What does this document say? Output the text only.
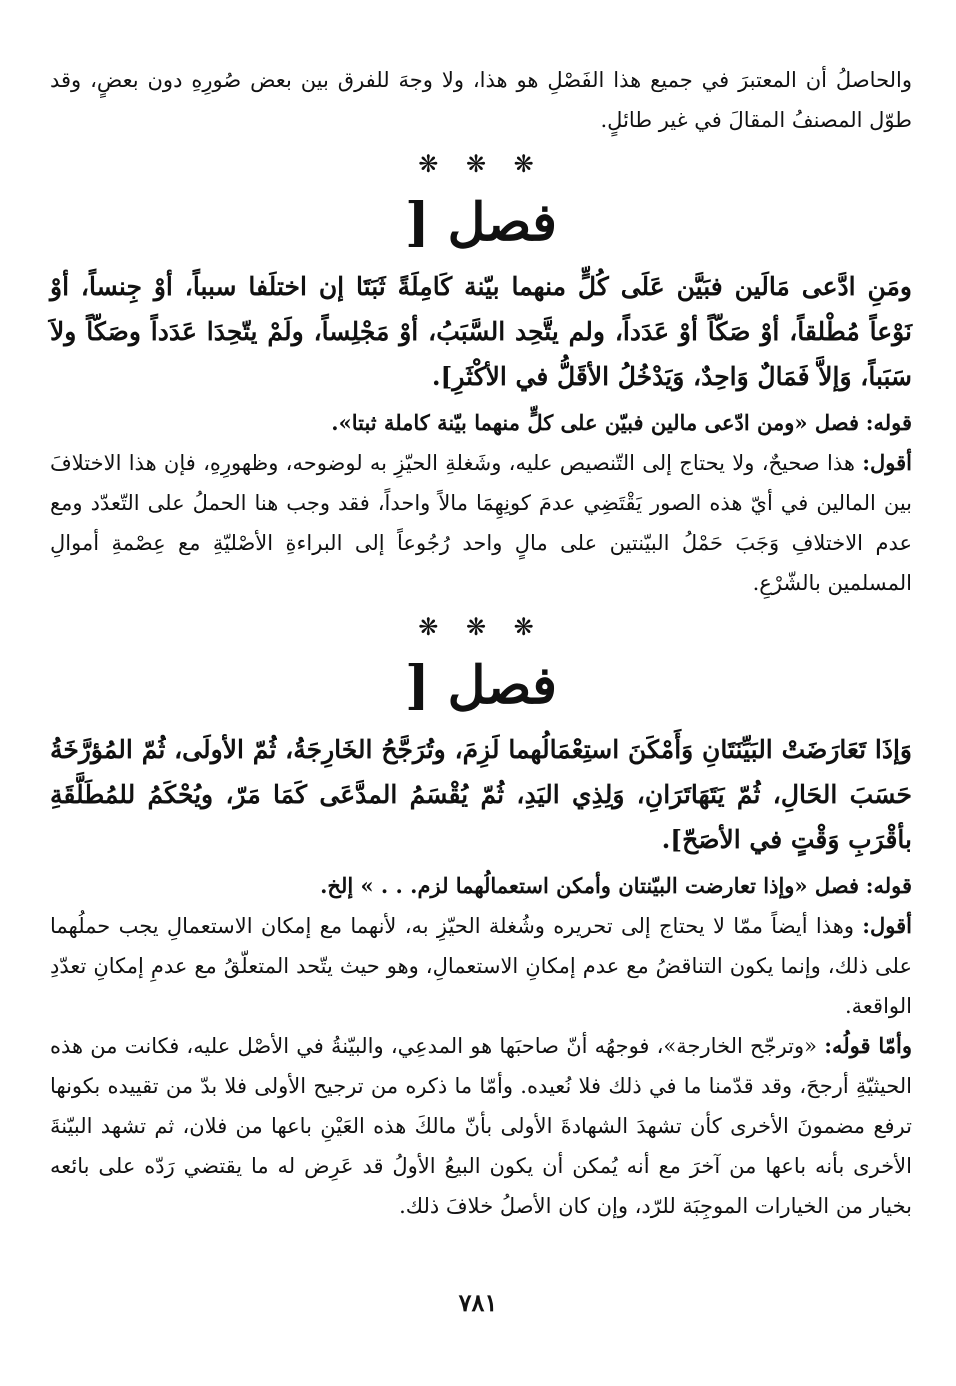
والحاصلُ أن المعتبرَ في جميع هذا الفَصْلِ هو هذا، ولا وجهَ للفرق بين بعض صُورِهِ دون بعضٍ، وقد طوّل المصنفُ المقالَ في غير طائلٍ.

❋ ❋ ❋
فصل [

ومَنِ ادَّعى مَالَين فبَيَّن عَلَى كُلٍّ منهما بيّنة كَامِلَةً ثَبَتَا إن اختلَفا سبباً، أوْ جِنساً، أوْ نَوْعاً مُطْلقاً، أوْ صَكّاً أوْ عَدَداً، ولم يتَّحِد السَّبَبُ، أوْ مَجْلِساً، ولَمْ يتّحِدَا عَدَداً وصَكّاً ولاَ سَبَباً، وَإلاَّ فَمَالٌ وَاحِدٌ، وَيَدْخُلُ الأقَلُّ في الأكْثَرِ].

قوله: فصل «ومن ادّعى مالين فبيّن على كلٍّ منهما بيّنة كاملة ثبتا».

أقول: هذا صحيحٌ، ولا يحتاج إلى التّنصيص عليه، وشَغلةِ الحيّزِ به لوضوحه، وظهورِهِ، فإن هذا الاختلافَ بين المالين في أيّ هذه الصور يَقْتَضِي عدمَ كونِهِمَا مالاً واحداً، فقد وجب هنا الحملُ على التّعدّد ومع عدم الاختلافِ وَجَبَ حَمْلُ البيّنتين على مالٍ واحد رُجُوعاً إلى البراءةِ الأصْليّةِ مع عِصْمةِ أموالِ المسلمين بالشّرْعِ.

❋ ❋ ❋
فصل [

وَإذَا تَعَارَضَتْ البَيِّنَتَانِ وَأَمْكَنَ استِعْمَالُهما لَزِمَ، وتُرَجَّحُ الخَارِجَةُ، ثُمّ الأولَى، ثُمّ المُؤرَّخَةُ حَسَبَ الحَالِ، ثُمّ يَتَهَاتَرَانِ، وَلِذِي اليَدِ، ثُمّ يُقْسَمُ المدَّعَى كَمَا مَرّ، ويُحْكَمُ للمُطَلَّقَةِ بأقْرَبِ وَقْتٍ في الأصَحّ].

قوله: فصل «وإذا تعارضت البيّنتان وأمكن استعمالُهما لزم. . . » إلخ.

أقول: وهذا أيضاً ممّا لا يحتاج إلى تحريره وشُغلة الحيّزِ به، لأنهما مع إمكان الاستعمالِ يجب حملُهما على ذلك، وإنما يكون التناقضُ مع عدم إمكانِ الاستعمالِ، وهو حيث يتّحد المتعلّقُ مع عدمِ إمكانِ تعدّدِ الواقعة.

وأمّا قولُه: «وترجّح الخارجة»، فوجهُه أنّ صاحبَها هو المدعِي، والبيّنةُ في الأصْل عليه، فكانت من هذه الحيثيّةِ أرجحَ، وقد قدّمنا ما في ذلك فلا نُعيده. وأمّا ما ذكره من ترجيح الأولى فلا بدّ من تقييده بكونها ترفع مضمونَ الأخرى كأن تشهدَ الشهادةَ الأولى بأنّ مالكَ هذه العَيْنِ باعها من فلان، ثم تشهد البيّنةَ الأخرى بأنه باعها من آخرَ مع أنه يُمكن أن يكون البيعُ الأولُ قد عَرِض له ما يقتضي رَدّه على بائعه بخيار من الخيارات الموجِبَة للرّد، وإن كان الأصلُ خلافَ ذلك.

٧٨١
